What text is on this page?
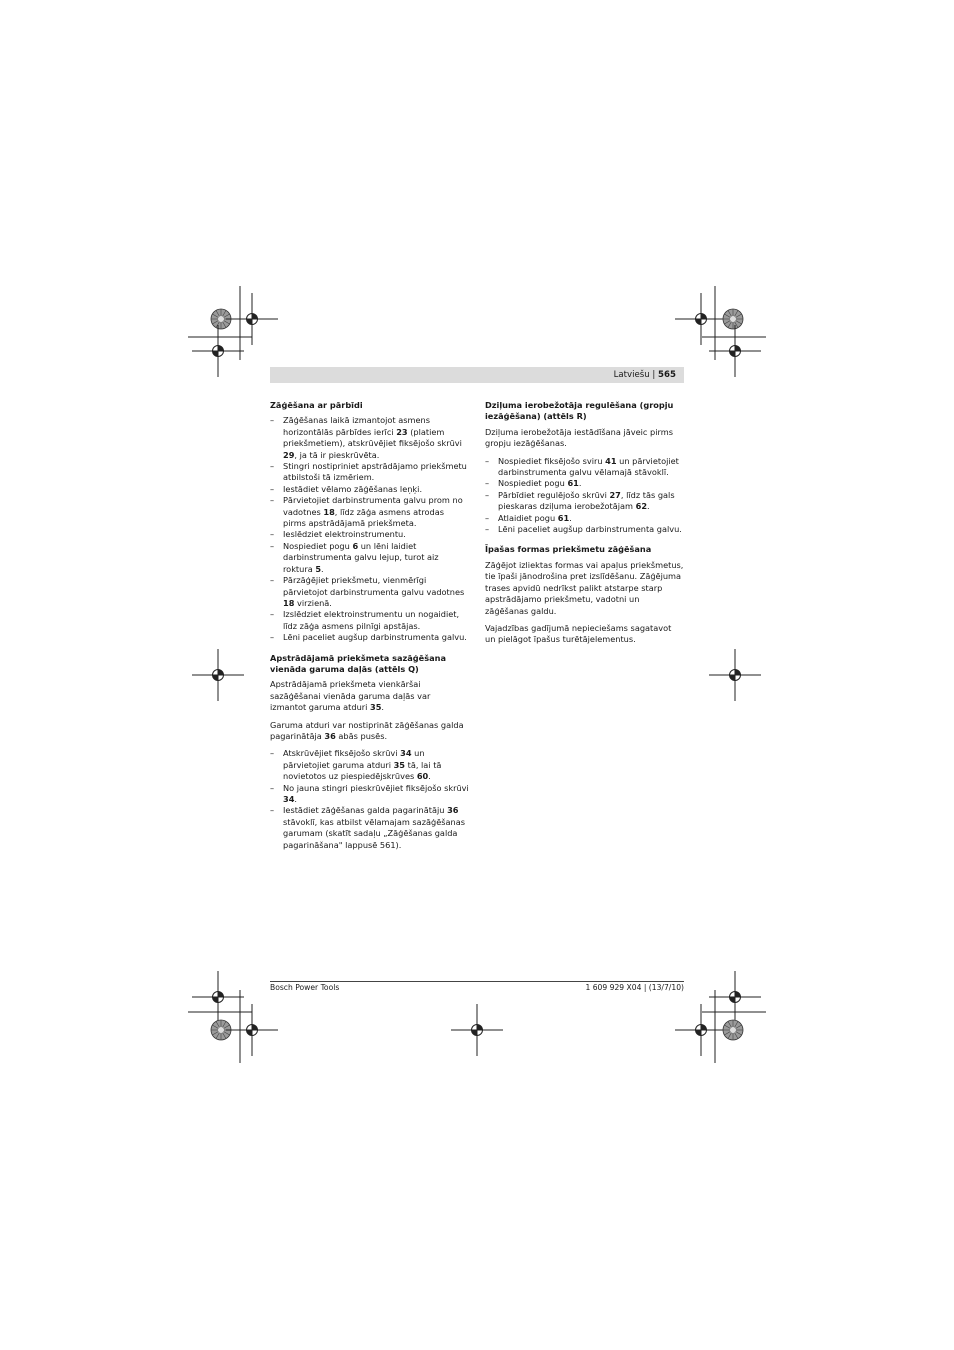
Latviešu | 565
Zāģēšana ar pārbīdi
– Zāģēšanas laikā izmantojot asmens horizontālās pārbīdes ierīci 23 (platiem priekšmetiem), atskrūvējiet fiksējošo skrūvi 29, ja tā ir pieskrūvēta.
– Stingri nostipriniet apstrādājamo priekšmetu atbilstoši tā izmēriem.
– Iestādiet vēlamo zāģēšanas leņķi.
– Pārvietojiet darbinstrumenta galvu prom no vadotnes 18, līdz zāģa asmens atrodas pirms apstrādājamā priekšmeta.
– Ieslēdziet elektroinstrumentu.
– Nospiediet pogu 6 un lēni laidiet darbinstrumenta galvu lejup, turot aiz roktura 5.
– Pārzāģējiet priekšmetu, vienmērīgi pārvietojot darbinstrumenta galvu vadotnes 18 virzienā.
– Izslēdziet elektroinstrumentu un nogaidiet, līdz zāģa asmens pilnīgi apstājas.
– Lēni paceliet augšup darbinstrumenta galvu.
Apstrādājamā priekšmeta sazāģēšana vienāda garuma daļās (attēls Q)
Apstrādājamā priekšmeta vienkāršai sazāģēšanai vienāda garuma daļās var izmantot garuma atduri 35.
Garuma atduri var nostiprināt zāģēšanas galda pagarinātāja 36 abās pusēs.
– Atskrūvējiet fiksējošo skrūvi 34 un pārvietojiet garuma atduri 35 tā, lai tā novietotos uz piespiedējskrūves 60.
– No jauna stingri pieskrūvējiet fiksējošo skrūvi 34.
– Iestādiet zāģēšanas galda pagarinātāju 36 stāvoklī, kas atbilst vēlamajam sazāģēšanas garumam (skatīt sadaļu „Zāģēšanas galda pagarināšana" lappusē 561).
Dziļuma ierobežotāja regulēšana (gropju iezāģēšana) (attēls R)
Dziļuma ierobežotāja iestādīšana jāveic pirms gropju iezāģēšanas.
– Nospiediet fiksējošo sviru 41 un pārvietojiet darbinstrumenta galvu vēlamajā stāvoklī.
– Nospiediet pogu 61.
– Pārbīdiet regulējošo skrūvi 27, līdz tās gals pieskaras dziļuma ierobežotājam 62.
– Atlaidiet pogu 61.
– Lēni paceliet augšup darbinstrumenta galvu.
Īpašas formas priekšmetu zāģēšana
Zāģējot izliektas formas vai apaļus priekšmetus, tie īpaši jānodrošina pret izslīdēšanu. Zāģējuma trases apvidū nedrīkst palikt atstarpe starp apstrādājamo priekšmetu, vadotni un zāģēšanas galdu.
Vajadzības gadījumā nepieciešams sagatavot un pielāgot īpašus turētājelementus.
Bosch Power Tools	1 609 929 X04 | (13/7/10)
